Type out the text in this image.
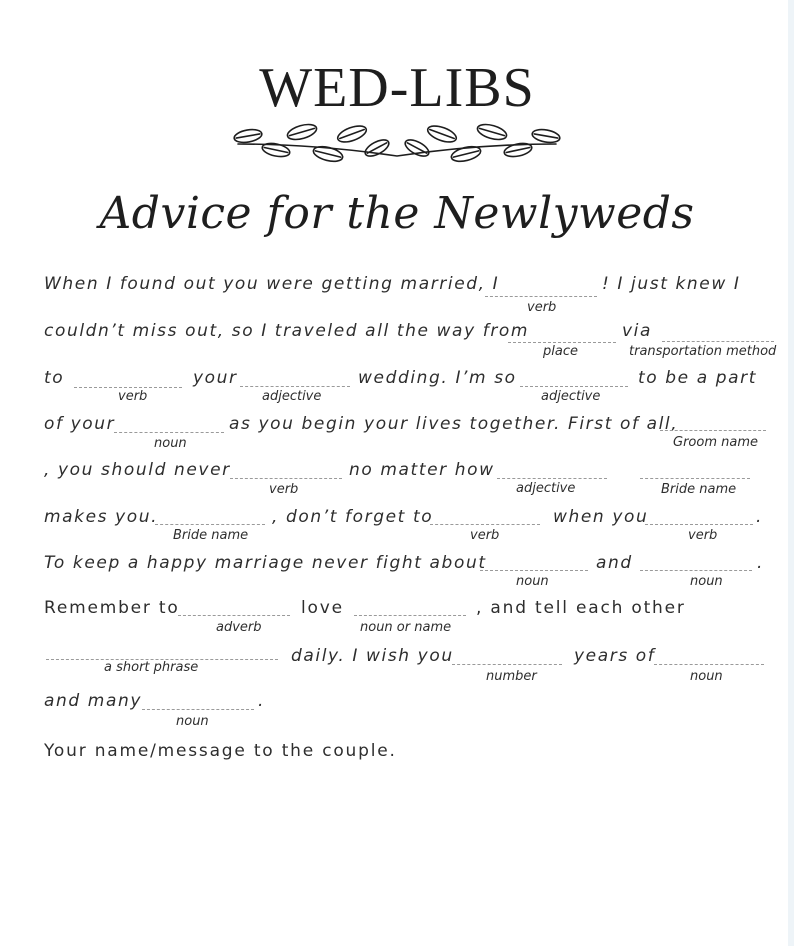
WED-LIBS
Advice for the Newlyweds
When I found out you were getting married, I
verb
! I just knew I
couldn’t miss out, so I traveled all the way from
place
via
transportation method
to
verb
your
adjective
wedding. I’m so
adjective
to be a part
of your
noun
as you begin your lives together. First of all,
Groom name
, you should never
verb
no matter how
adjective	Bride name
makes you.
Bride name
, don’t forget to
verb
when you
verb
.
To keep a happy marriage never fight about
noun
and
noun
.
Remember to
adverb
love
noun or name
, and tell each other
a short phrase
daily. I wish you
number
years of
noun
and many
noun
.
Your name/message to the couple.
